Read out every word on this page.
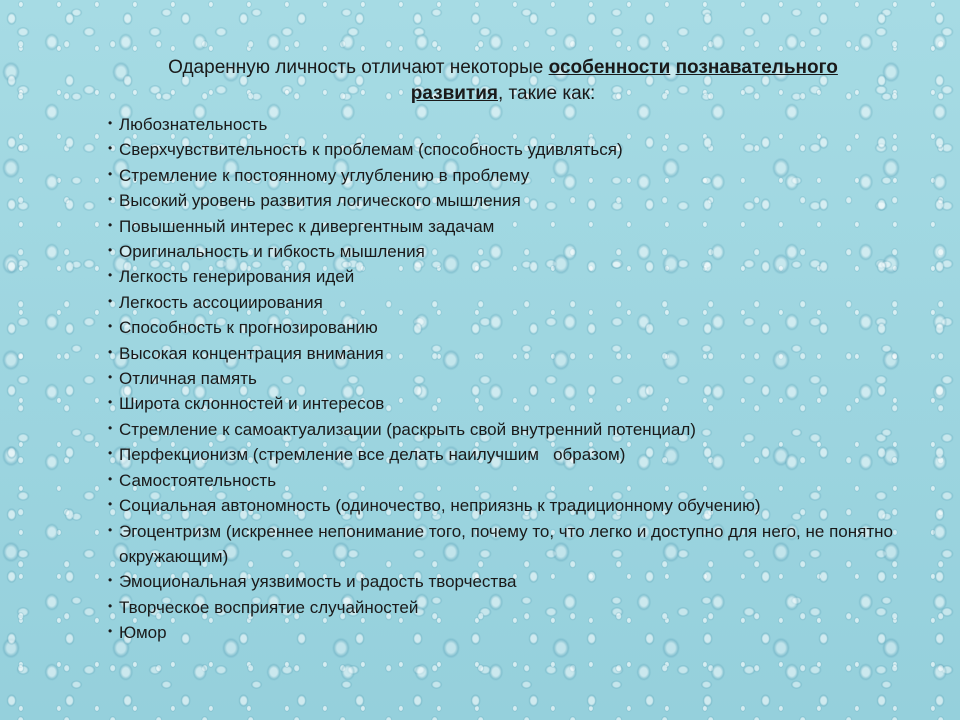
Одаренную личность отличают некоторые особенности познавательного развития, такие как:

• Любознательность
• Сверхчувствительность к проблемам (способность удивляться)
• Стремление к постоянному углублению в проблему
• Высокий уровень развития логического мышления
• Повышенный интерес к дивергентным задачам
• Оригинальность и гибкость мышления
• Легкость генерирования идей
• Легкость ассоциирования
• Способность к прогнозированию
• Высокая концентрация внимания
• Отличная память
• Широта склонностей и интересов
• Стремление к самоактуализации (раскрыть свой внутренний потенциал)
• Перфекционизм (стремление все делать наилучшим   образом)
• Самостоятельность
• Социальная автономность (одиночество, неприязнь к традиционному обучению)
• Эгоцентризм (искреннее непонимание того, почему то, что легко и доступно для него, не понятно окружающим)
• Эмоциональная уязвимость и радость творчества
• Творческое восприятие случайностей
• Юмор
